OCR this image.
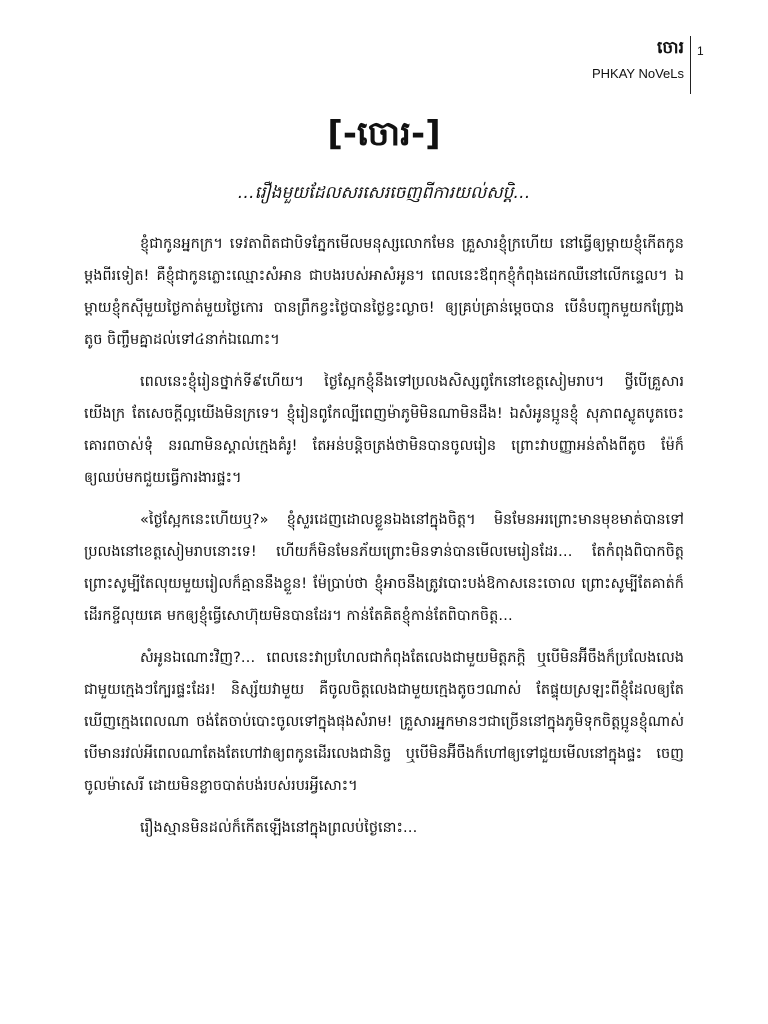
ចោរ
PHKAY NoVeLs
1
[-ចោរ-]
…រឿងមួយដែលសរសេរចេញពីការយល់សប្តិ…

ខ្ញុំជាកូនអ្នកក្រ។ ទេវតាពិតជាបិទភ្នែកមើលមនុស្សលោកមែន គ្រួសារខ្ញុំក្រហើយ នៅធ្វើឲ្យម្តាយខ្ញុំកើតកូនម្តងពីរទៀត! គឺខ្ញុំជាកូនភ្លោះឈ្មោះសំអាន ជាបងរបស់អាសំអូន។ ពេលនេះឪពុកខ្ញុំកំពុងដេកឈឺនៅលើកន្ទេល។ ឯម្តាយខ្ញុំកស៊ីមួយថ្ងៃកាត់មួយថ្ងៃកោរ បានព្រឹកខ្វះថ្ងៃបានថ្ងៃខ្វះល្ងាច! ឲ្យគ្រប់គ្រាន់ម្តេចបាន បើនំបញ្ចុកមួយកញ្ច្រែងតូច ចិញ្ចឹមគ្នាដល់ទៅ៤នាក់ឯណោះ។

ពេលនេះខ្ញុំរៀនថ្នាក់ទី៩ហើយ។ ថ្ងៃស្អែកខ្ញុំនឹងទៅប្រលងសិស្សពូកែនៅខេត្តសៀមរាប។ ថ្វីបើគ្រួសារយើងក្រ តែសេចក្តីល្អយើងមិនក្រទេ។ ខ្ញុំរៀនពូកែល្បីពេញម៉ាភូមិមិនណាមិនដឹង! ឯសំអូនប្អូនខ្ញុំ សុភាពស្លូតបូតចេះគោរពចាស់ទុំ នរណាមិនស្គាល់ក្មេងគំរូ! តែអន់បន្តិចត្រង់ថាមិនបានចូលរៀន ព្រោះវាបញ្ញាអន់តាំងពីតូច ម៉ែក៏ឲ្យឈប់មកជួយធ្វើការងារផ្ទះ។

«ថ្ងៃស្អែកនេះហើយឬ?» ខ្ញុំសួរដេញដោលខ្លួនឯងនៅក្នុងចិត្ត។ មិនមែនអរព្រោះមានមុខមាត់បានទៅប្រលងនៅខេត្តសៀមរាបនោះទេ! ហើយក៏មិនមែនភ័យព្រោះមិនទាន់បានមើលមេរៀនដែរ… តែកំពុងពិបាកចិត្ត ព្រោះសូម្បីតែលុយមួយរៀលក៏គ្មាននឹងខ្លួន! ម៉ែប្រាប់ថា ខ្ញុំអាចនឹងត្រូវបោះបង់ឱកាសនេះចោល ព្រោះសូម្បីតែគាត់ក៏ដើរកខ្ចីលុយគេ មកឲ្យខ្ញុំធ្វើសោហ៊ុយមិនបានដែរ។ កាន់តែគិតខ្ញុំកាន់តែពិបាកចិត្ត…

សំអូនឯណោះវិញ?… ពេលនេះវាប្រហែលជាកំពុងតែលេងជាមួយមិត្តភក្តិ ឬបើមិនអ៊ីចឹងក៏ប្រលែងលេងជាមួយក្មេងៗក្បែរផ្ទះដែរ! និស្ស័យវាមួយ គឺចូលចិត្តលេងជាមួយក្មេងតូចៗណាស់ តែផ្ទុយស្រឡះពីខ្ញុំដែលឲ្យតែឃើញក្មេងពេលណា ចង់តែចាប់បោះចូលទៅក្នុងផុងសំរាម! គ្រួសារអ្នកមានៗជាច្រើននៅក្នុងភូមិទុកចិត្តប្អូនខ្ញុំណាស់ បើមានរវល់អីពេលណាតែងតែហៅវាឲ្យពកូនដើរលេងជានិច្ច ឬបើមិនអ៊ីចឹងក៏ហៅឲ្យទៅជួយមើលនៅក្នុងផ្ទះ ចេញចូលម៉ាសេរី ដោយមិនខ្លាចបាត់បង់របស់របរអ្វីសោះ។

រឿងស្មានមិនដល់ក៏កើតឡើងនៅក្នុងព្រលប់ថ្ងៃនោះ…
